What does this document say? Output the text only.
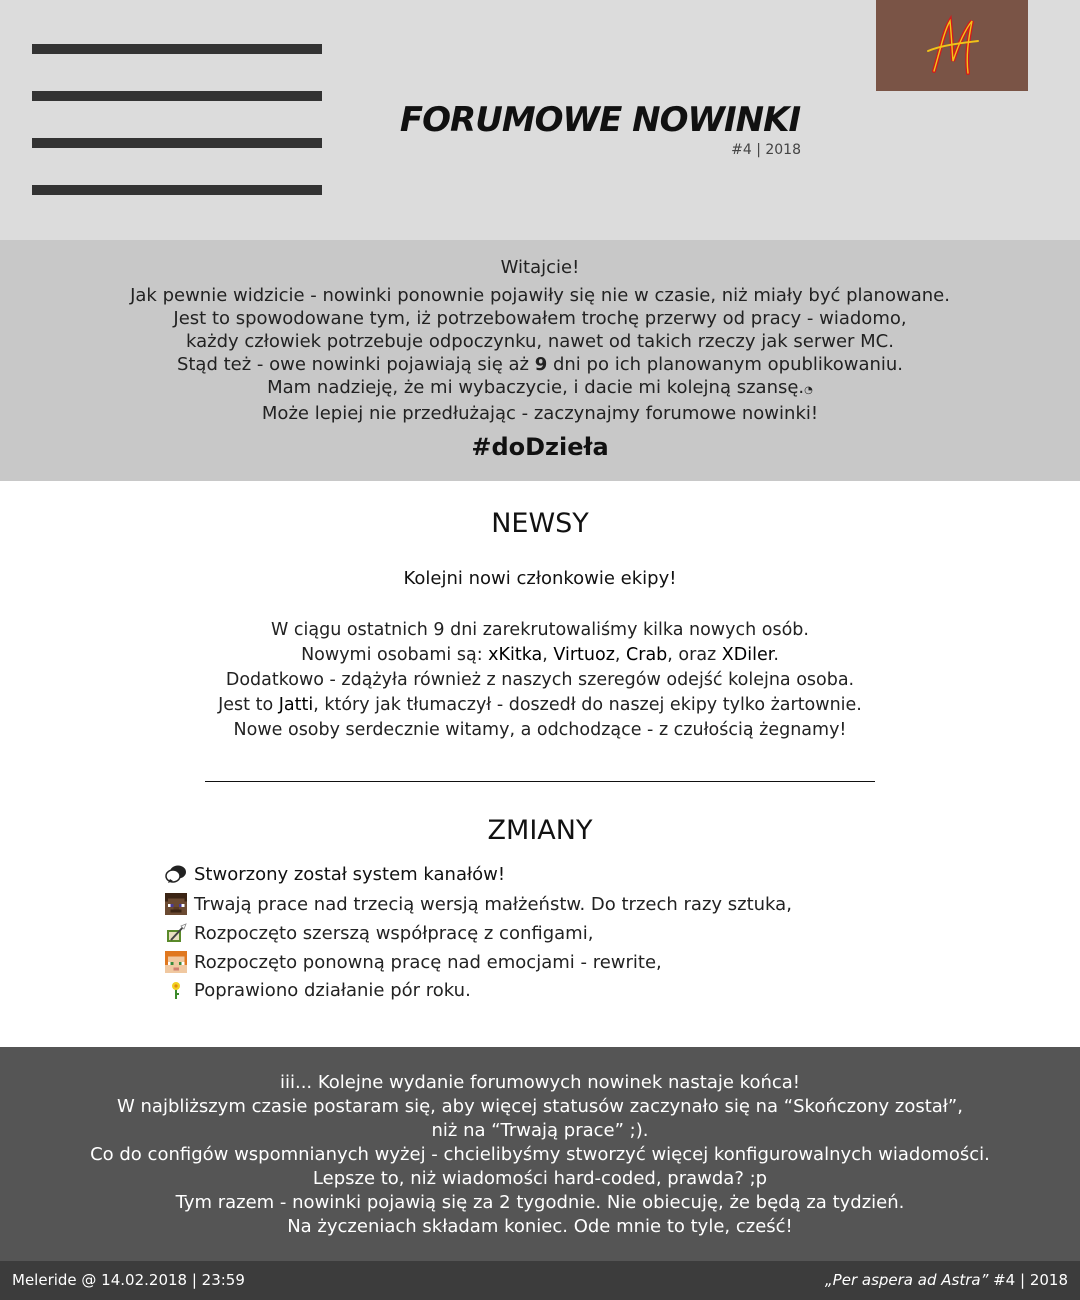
FORUMOWE NOWINKI
#4 | 2018
Witajcie!
Jak pewnie widzicie - nowinki ponownie pojawiły się nie w czasie, niż miały być planowane.
Jest to spowodowane tym, iż potrzebowałem trochę przerwy od pracy - wiadomo,
każdy człowiek potrzebuje odpoczynku, nawet od takich rzeczy jak serwer MC.
Stąd też - owe nowinki pojawiają się aż 9 dni po ich planowanym opublikowaniu.
Mam nadzieję, że mi wybaczycie, i dacie mi kolejną szansę.◔
Może lepiej nie przedłużając - zaczynajmy forumowe nowinki!
#doDzieła
NEWSY
Kolejni nowi członkowie ekipy!
W ciągu ostatnich 9 dni zarekrutowaliśmy kilka nowych osób.
Nowymi osobami są: xKitka, Virtuoz, Crab, oraz XDiler.
Dodatkowo - zdążyła również z naszych szeregów odejść kolejna osoba.
Jest to Jatti, który jak tłumaczył - doszedł do naszej ekipy tylko żartownie.
Nowe osoby serdecznie witamy, a odchodzące - z czułością żegnamy!
ZMIANY
Stworzony został system kanałów!
Trwają prace nad trzecią wersją małżeństw. Do trzech razy sztuka,
Rozpoczęto szerszą współpracę z configami,
Rozpoczęto ponowną pracę nad emocjami - rewrite,
Poprawiono działanie pór roku.
iii... Kolejne wydanie forumowych nowinek nastaje końca!
W najbliższym czasie postaram się, aby więcej statusów zaczynało się na “Skończony został”,
niż na “Trwają prace” ;).
Co do configów wspomnianych wyżej - chcielibyśmy stworzyć więcej konfigurowalnych wiadomości.
Lepsze to, niż wiadomości hard-coded, prawda? ;p
Tym razem - nowinki pojawią się za 2 tygodnie. Nie obiecuję, że będą za tydzień.
Na życzeniach składam koniec. Ode mnie to tyle, cześć!
Meleride @ 14.02.2018 | 23:59	„Per aspera ad Astra” #4 | 2018
